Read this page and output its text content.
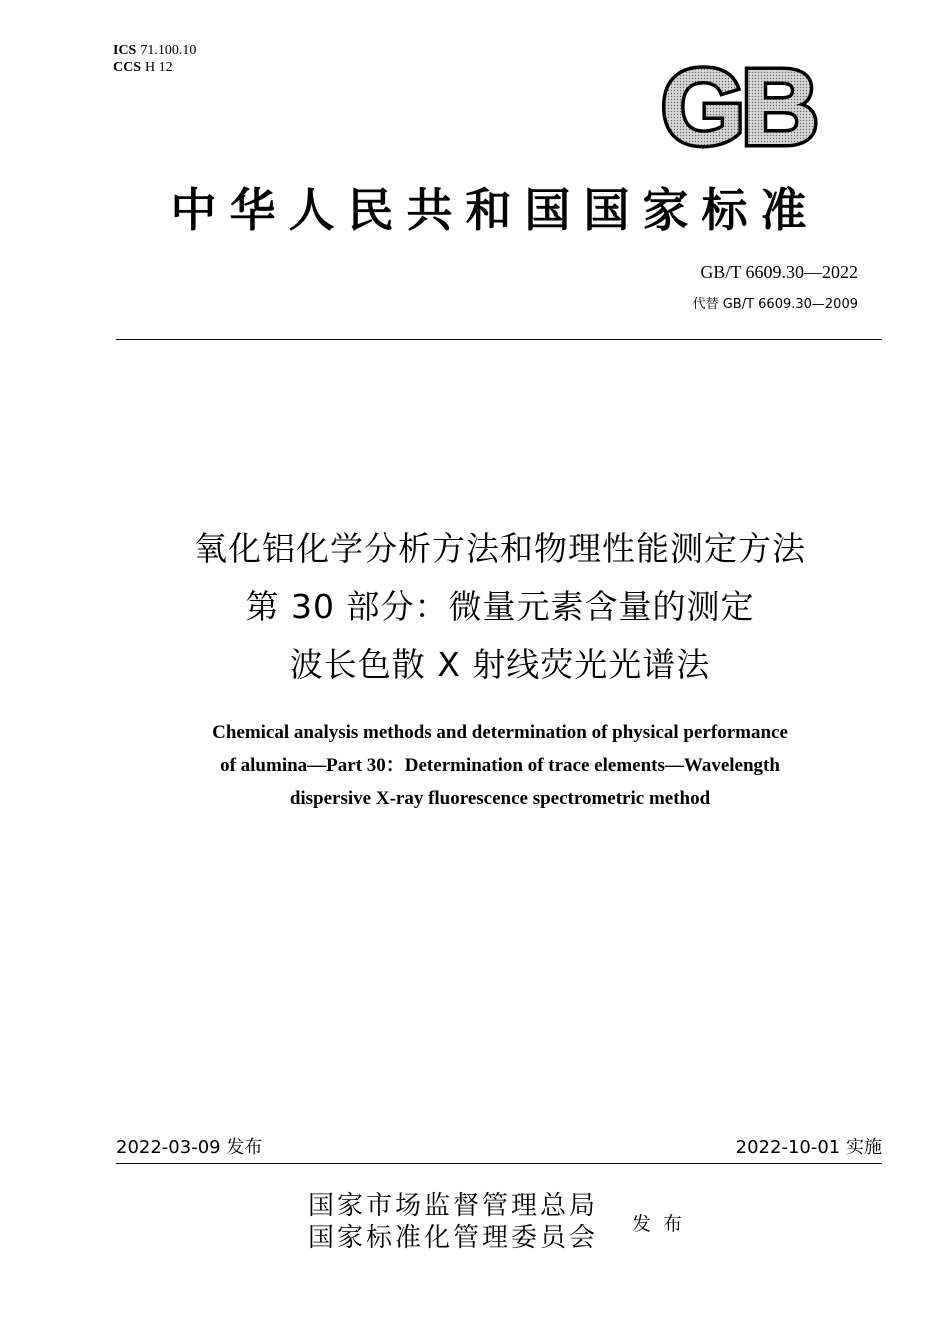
ICS 71.100.10
CCS H 12	GB
中华人民共和国国家标准
GB/T 6609.30—2022
代替 GB/T 6609.30—2009
氧化铝化学分析方法和物理性能测定方法
第 30 部分：微量元素含量的测定
波长色散 X 射线荧光光谱法
Chemical analysis methods and determination of physical performance
of alumina—Part 30：Determination of trace elements—Wavelength
dispersive X-ray fluorescence spectrometric method
2022-03-09 发布	2022-10-01 实施
国家市场监督管理总局
国家标准化管理委员会 发布
